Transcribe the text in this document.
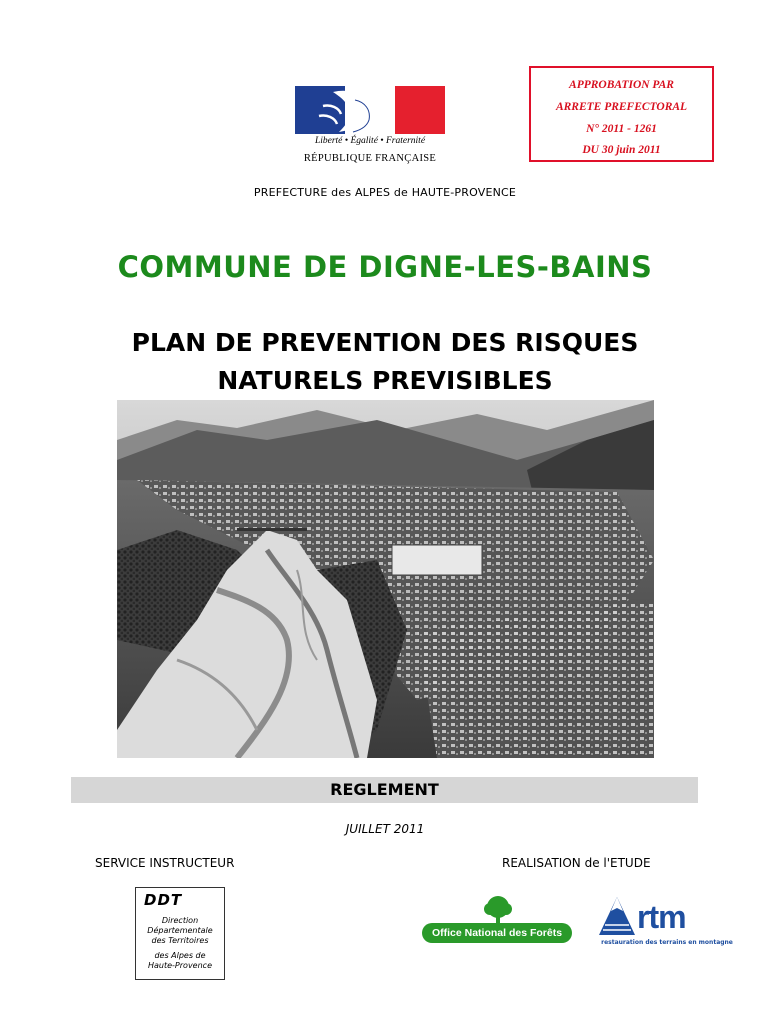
APPROBATION PAR
ARRETE PREFECTORAL
N° 2011 - 1261
DU 30 juin 2011
Liberté • Égalité • Fraternité
RÉPUBLIQUE FRANÇAISE
PREFECTURE des ALPES de HAUTE-PROVENCE
COMMUNE DE DIGNE-LES-BAINS
PLAN DE PREVENTION DES RISQUES
NATURELS PREVISIBLES
REGLEMENT
JUILLET 2011
SERVICE INSTRUCTEUR	REALISATION de l'ETUDE
DDT
Direction
Départementale
des Territoires
des Alpes de
Haute-Provence
Office National des Forêts	rtm
restauration des terrains en montagne
